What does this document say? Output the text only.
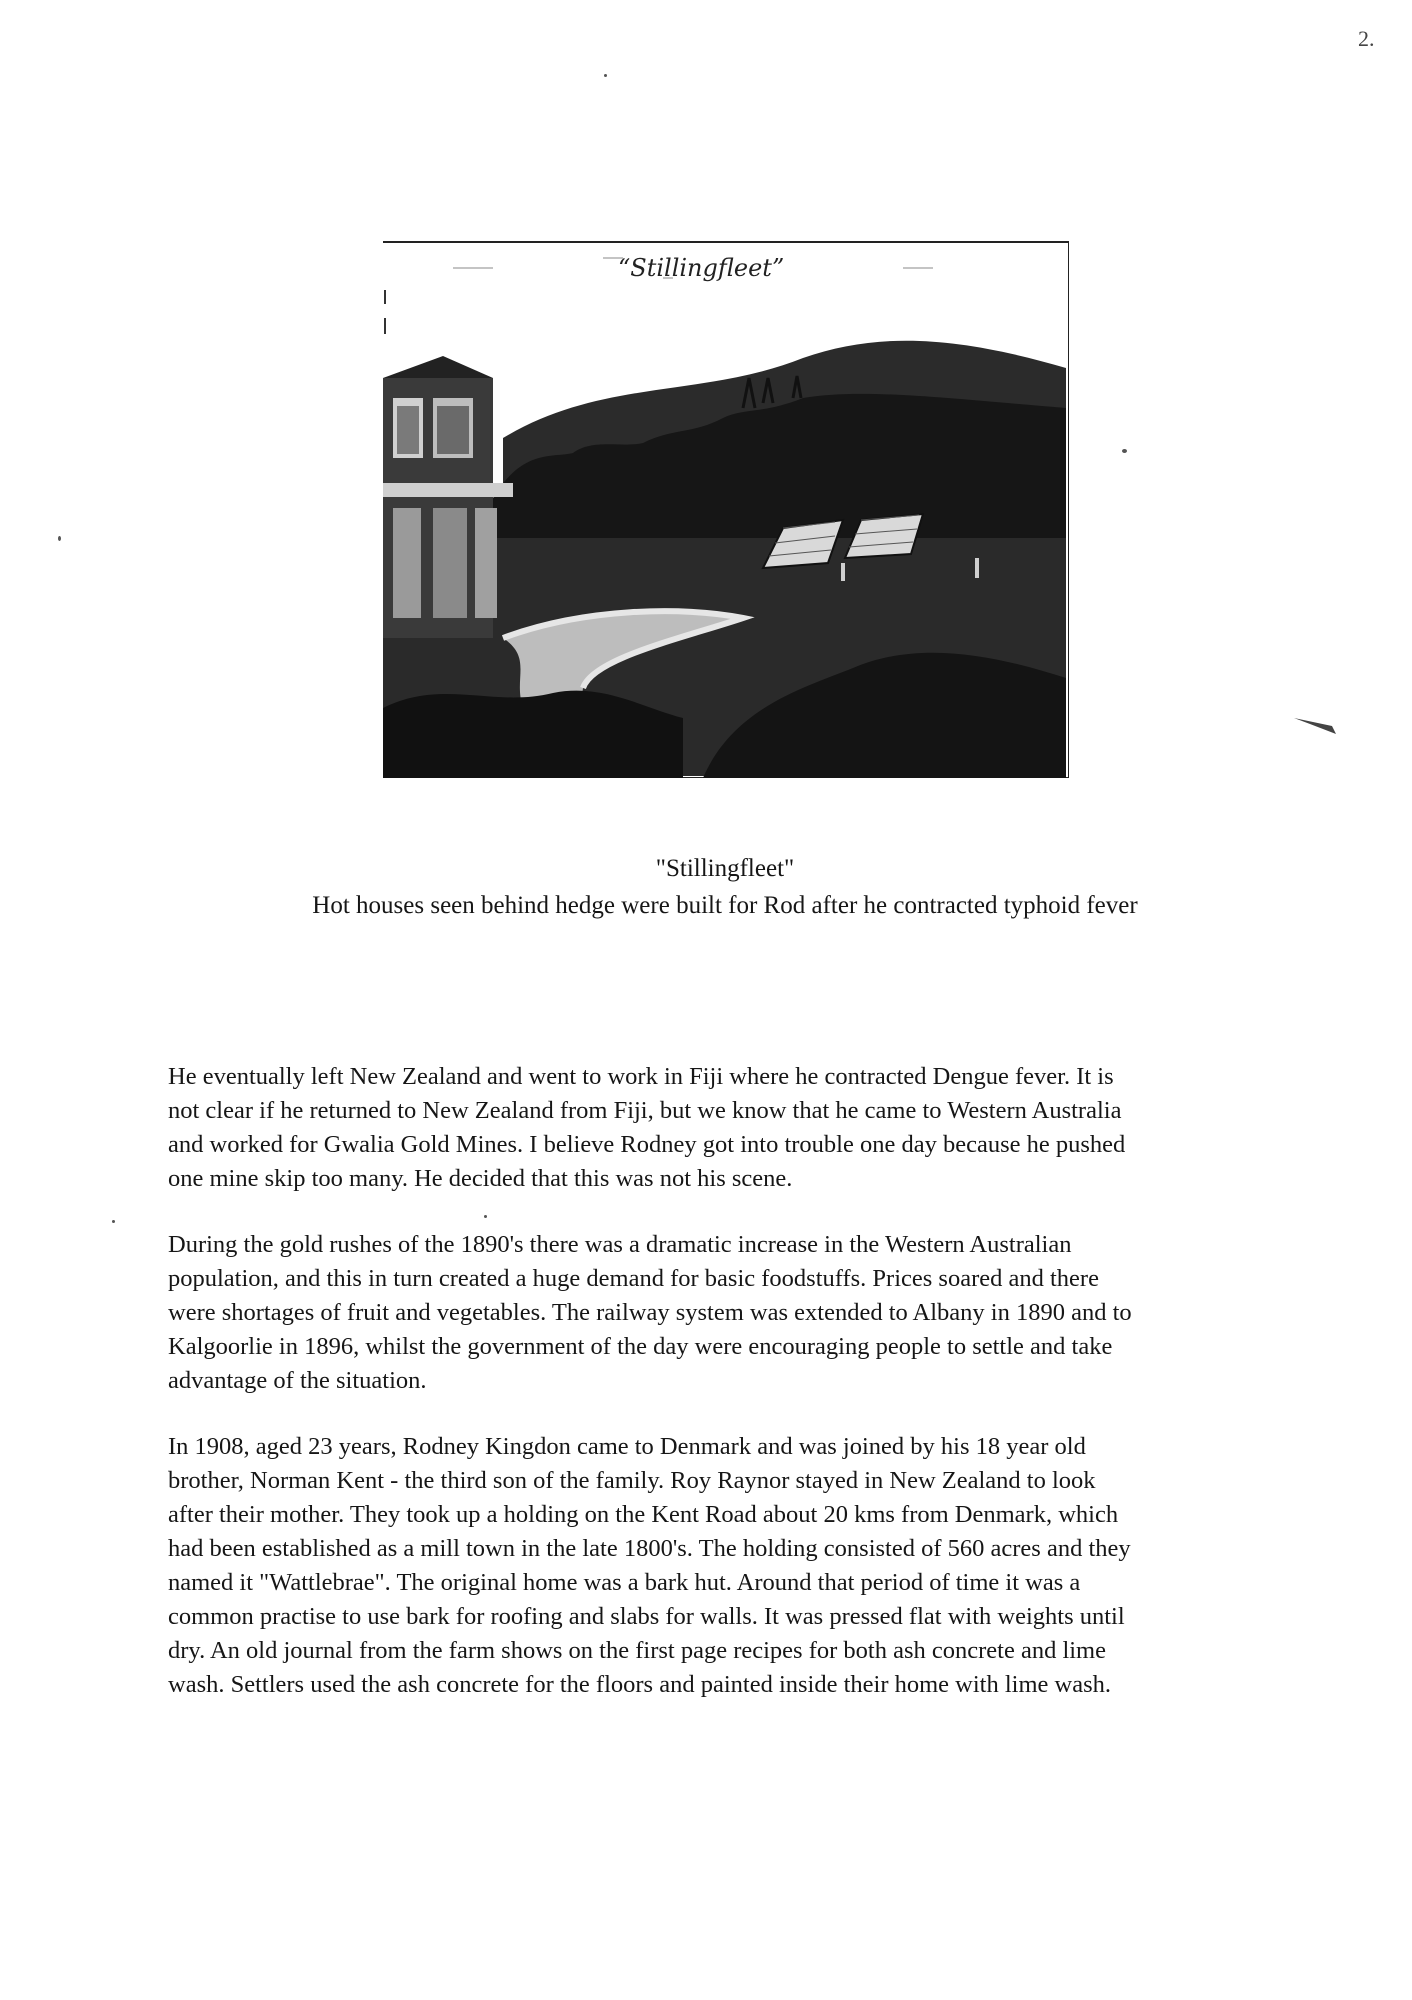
2.
“Stillingfleet”
"Stillingfleet"
Hot houses seen behind hedge were built for Rod after he contracted typhoid fever

He eventually left New Zealand and went to work in Fiji where he contracted Dengue fever. It is
not clear if he returned to New Zealand from Fiji, but we know that he came to Western Australia
and worked for Gwalia Gold Mines. I believe Rodney got into trouble one day because he pushed
one mine skip too many. He decided that this was not his scene.

During the gold rushes of the 1890's there was a dramatic increase in the Western Australian
population, and this in turn created a huge demand for basic foodstuffs. Prices soared and there
were shortages of fruit and vegetables. The railway system was extended to Albany in 1890 and to
Kalgoorlie in 1896, whilst the government of the day were encouraging people to settle and take
advantage of the situation.

In 1908, aged 23 years, Rodney Kingdon came to Denmark and was joined by his 18 year old
brother, Norman Kent - the third son of the family. Roy Raynor stayed in New Zealand to look
after their mother. They took up a holding on the Kent Road about 20 kms from Denmark, which
had been established as a mill town in the late 1800's. The holding consisted of 560 acres and they
named it "Wattlebrae". The original home was a bark hut. Around that period of time it was a
common practise to use bark for roofing and slabs for walls. It was pressed flat with weights until
dry. An old journal from the farm shows on the first page recipes for both ash concrete and lime
wash. Settlers used the ash concrete for the floors and painted inside their home with lime wash.
